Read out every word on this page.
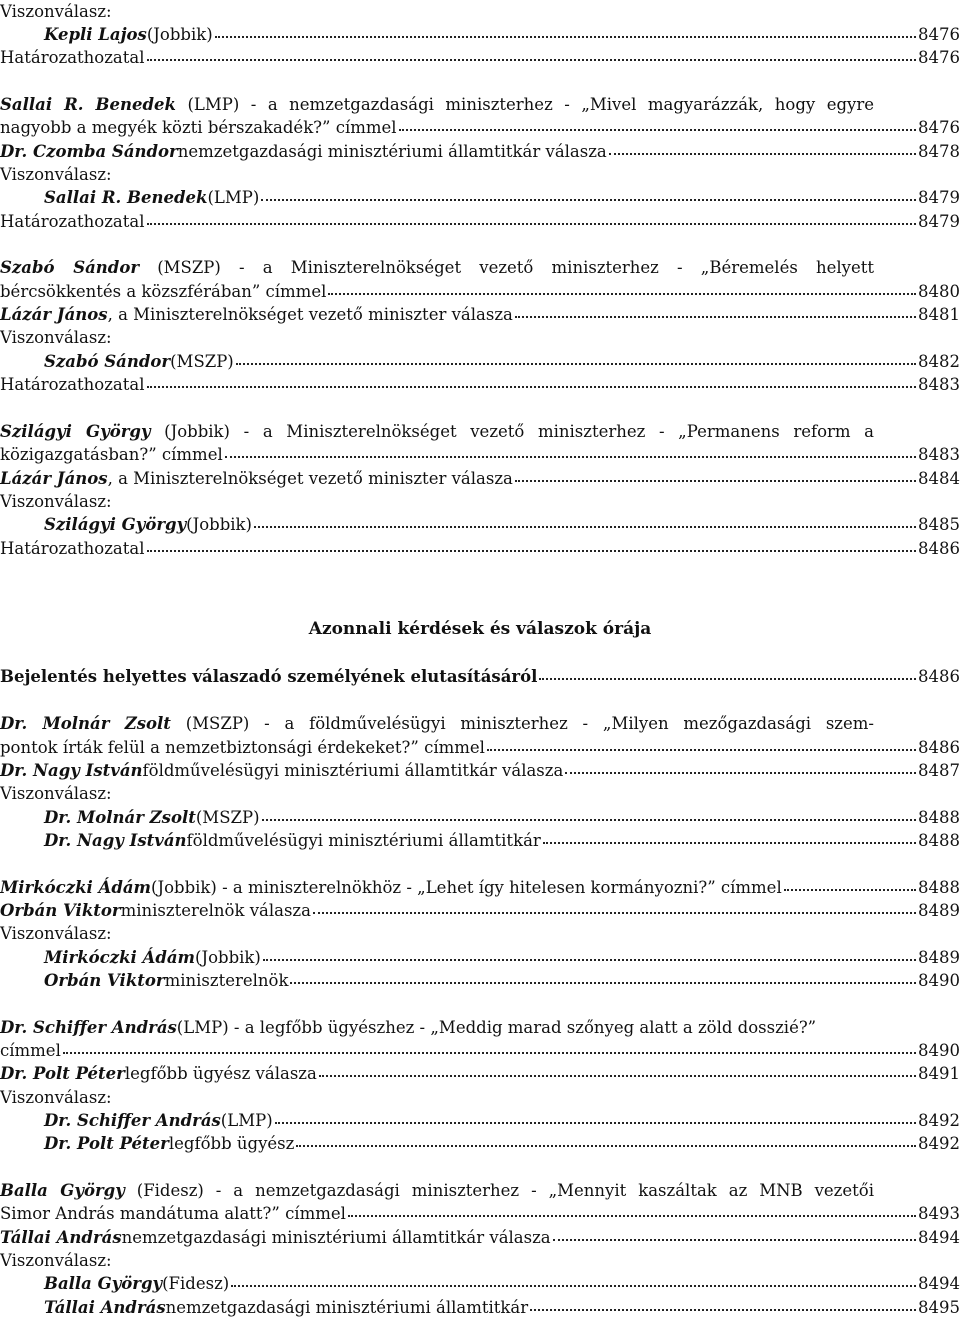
Viszonválasz:
Kepli Lajos (Jobbik)	8476
Határozathozatal	8476
Sallai R. Benedek (LMP) - a nemzetgazdasági miniszterhez - „Mivel magyarázzák, hogy egyre
nagyobb a megyék közti bérszakadék?” címmel	8476
Dr. Czomba Sándor nemzetgazdasági minisztériumi államtitkár válasza	8478
Viszonválasz:
Sallai R. Benedek (LMP)	8479
Határozathozatal	8479
Szabó Sándor (MSZP) - a Miniszterelnökséget vezető miniszterhez - „Béremelés helyett
bércsökkentés a közszférában” címmel	8480
Lázár János , a Miniszterelnökséget vezető miniszter válasza	8481
Viszonválasz:
Szabó Sándor (MSZP)	8482
Határozathozatal	8483
Szilágyi György (Jobbik) - a Miniszterelnökséget vezető miniszterhez - „Permanens reform a
közigazgatásban?” címmel	8483
Lázár János , a Miniszterelnökséget vezető miniszter válasza	8484
Viszonválasz:
Szilágyi György (Jobbik)	8485
Határozathozatal	8486
Azonnali kérdések és válaszok órája
Bejelentés helyettes válaszadó személyének elutasításáról	8486
Dr. Molnár Zsolt (MSZP) - a földművelésügyi miniszterhez - „Milyen mezőgazdasági szem-
pontok írták felül a nemzetbiztonsági érdekeket?” címmel	8486
Dr. Nagy István földművelésügyi minisztériumi államtitkár válasza	8487
Viszonválasz:
Dr. Molnár Zsolt (MSZP)	8488
Dr. Nagy István földművelésügyi minisztériumi államtitkár	8488
Mirkóczki Ádám (Jobbik) - a miniszterelnökhöz - „Lehet így hitelesen kormányozni?” címmel	8488
Orbán Viktor miniszterelnök válasza	8489
Viszonválasz:
Mirkóczki Ádám (Jobbik)	8489
Orbán Viktor miniszterelnök	8490
Dr. Schiffer András (LMP) - a legfőbb ügyészhez - „Meddig marad szőnyeg alatt a zöld dosszié?”
címmel	8490
Dr. Polt Péter legfőbb ügyész válasza	8491
Viszonválasz:
Dr. Schiffer András (LMP)	8492
Dr. Polt Péter legfőbb ügyész	8492
Balla György (Fidesz) - a nemzetgazdasági miniszterhez - „Mennyit kaszáltak az MNB vezetői
Simor András mandátuma alatt?” címmel	8493
Tállai András nemzetgazdasági minisztériumi államtitkár válasza	8494
Viszonválasz:
Balla György (Fidesz)	8494
Tállai András nemzetgazdasági minisztériumi államtitkár	8495
